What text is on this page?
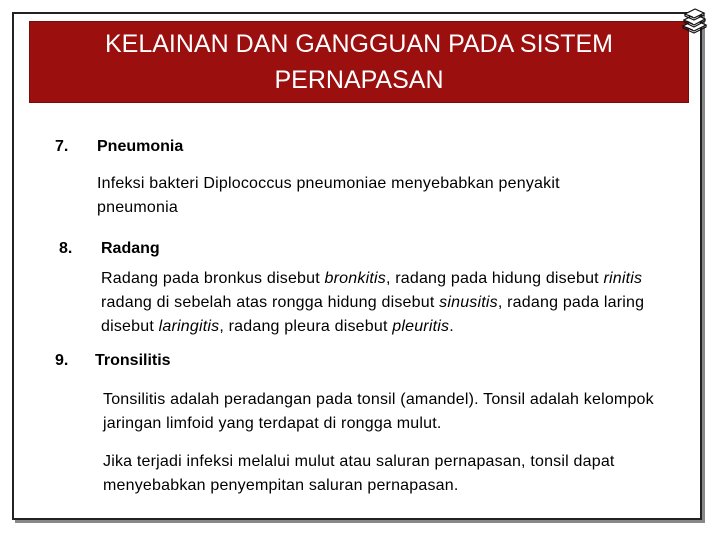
KELAINAN DAN GANGGUAN PADA SISTEM PERNAPASAN
7. Pneumonia

Infeksi bakteri Diplococcus pneumoniae menyebabkan penyakit pneumonia

8. Radang

Radang pada bronkus disebut bronkitis, radang pada hidung disebut rinitis radang di sebelah atas rongga hidung disebut sinusitis, radang pada laring disebut laringitis, radang pleura disebut pleuritis.

9. Tronsilitis

Tonsilitis adalah peradangan pada tonsil (amandel). Tonsil adalah kelompok jaringan limfoid yang terdapat di rongga mulut.

Jika terjadi infeksi melalui mulut atau saluran pernapasan, tonsil dapat menyebabkan penyempitan saluran pernapasan.
